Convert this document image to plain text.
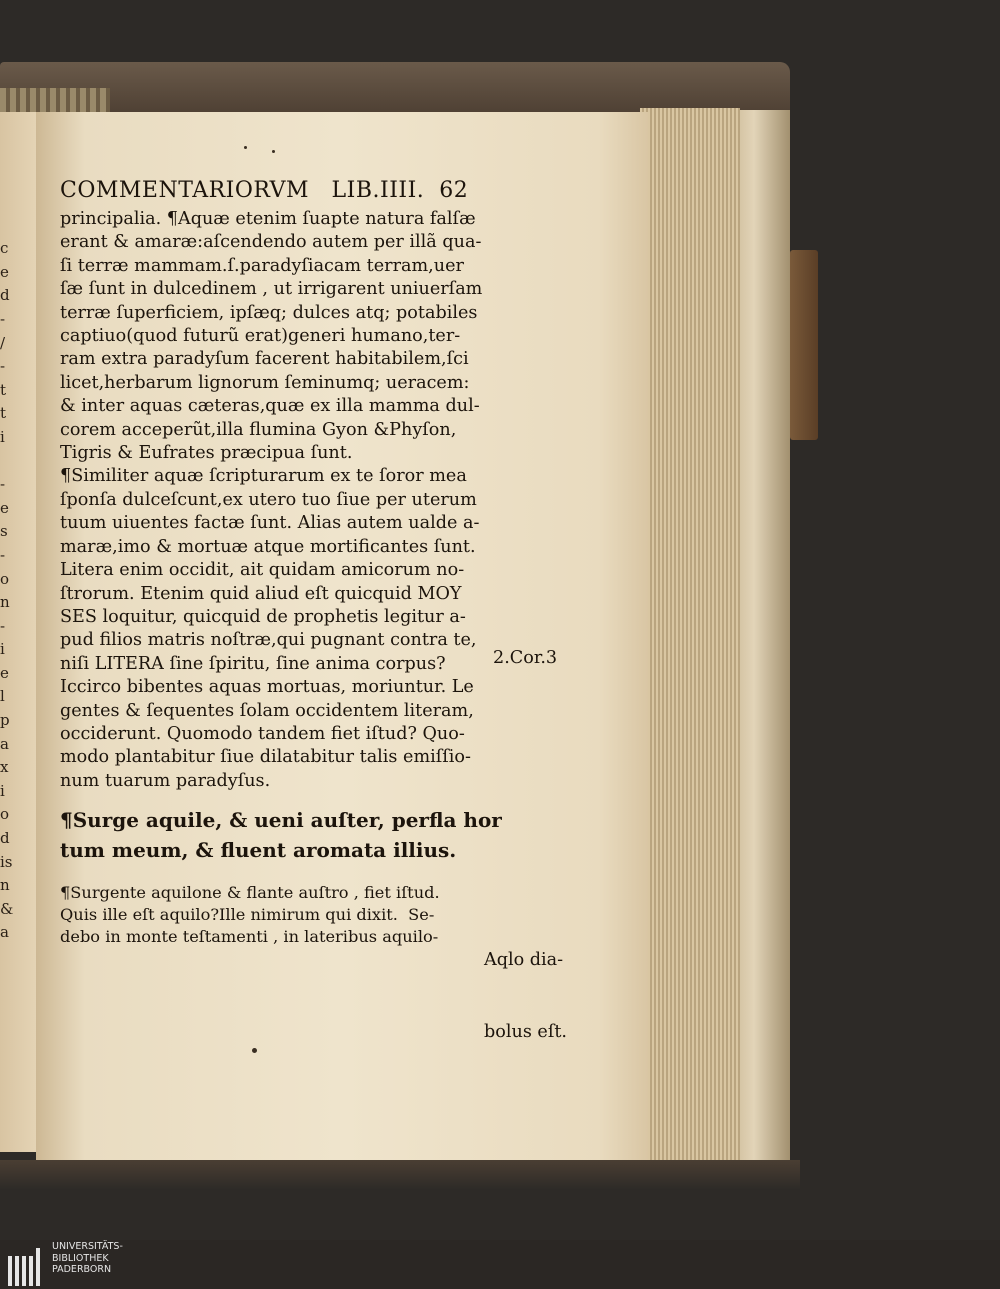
c
e
d
-
/
-
t
t
i
-
e
s
-
o
n
-
i
e
l
p
a
x
i
o
d
is
n
&
a
COMMENTARIORVM   LIB.IIII.  62
principalia. ¶Aquæ etenim ſuapte natura falſæ
erant & amaræ:aſcendendo autem per illã qua-
ſi terræ mammam.ſ.paradyſiacam terram,uer
ſæ ſunt in dulcedinem , ut irrigarent uniuerſam
terræ ſuperficiem, ipſæq; dulces atq; potabiles
captiuo(quod futurũ erat)generi humano,ter-
ram extra paradyſum facerent habitabilem,ſci
licet,herbarum lignorum ſeminumq; ueracem:
& inter aquas cæteras,quæ ex illa mamma dul-
corem acceperũt,illa flumina Gyon &Phyſon,
Tigris & Eufrates præcipua ſunt.
¶Similiter aquæ ſcripturarum ex te ſoror mea
ſponſa dulceſcunt,ex utero tuo ſiue per uterum
tuum uiuentes factæ ſunt. Alias autem ualde a-
maræ,imo & mortuæ atque mortificantes ſunt.
Litera enim occidit, ait quidam amicorum no-
ſtrorum. Etenim quid aliud eſt quicquid MOY
SES loquitur, quicquid de prophetis legitur a-
pud filios matris noſtræ,qui pugnant contra te,
niſi LITERA ſine ſpiritu, ſine anima corpus?
Iccirco bibentes aquas mortuas, moriuntur. Le
gentes & ſequentes ſolam occidentem literam,
occiderunt. Quomodo tandem fiet iſtud? Quo-
modo plantabitur ſiue dilatabitur talis emiſſio-
num tuarum paradyſus.
¶Surge aquile, & ueni auſter, perfla hor
tum meum, & fluent aromata illius.
¶Surgente aquilone & flante auſtro , fiet iſtud.
Quis ille eſt aquilo?Ille nimirum qui dixit.  Se-
debo in monte teſtamenti , in lateribus aquilo-
2.Cor.3

Aqlo dia-

bolus eſt.

UNIVERSITÄTS-
BIBLIOTHEK
PADERBORN
